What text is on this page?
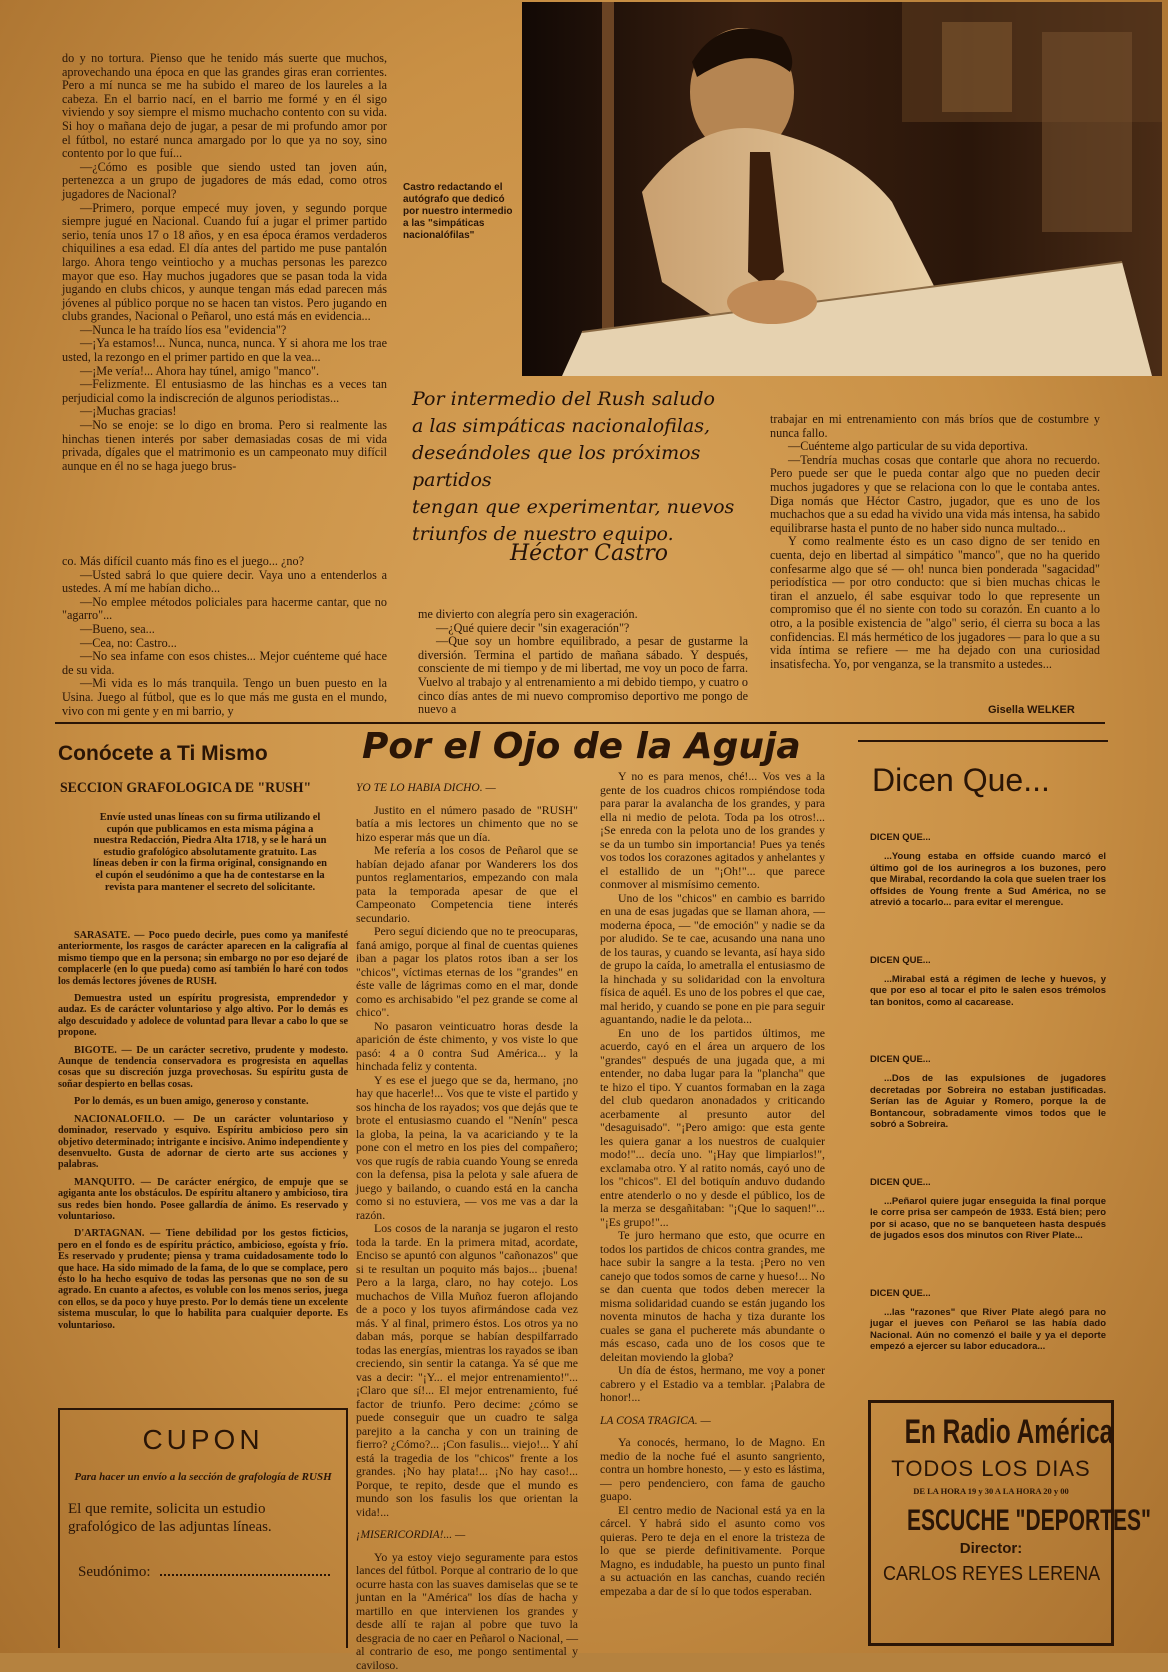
do y no tortura. Pienso que he tenido más suerte que muchos, aprovechando una época en que las grandes giras eran corrientes. Pero a mí nunca se me ha subido el mareo de los laureles a la cabeza. En el barrio nací, en el barrio me formé y en él sigo viviendo y soy siempre el mismo muchacho contento con su vida. Si hoy o mañana dejo de jugar, a pesar de mi profundo amor por el fútbol, no estaré nunca amargado por lo que ya no soy, sino contento por lo que fuí...

—¿Cómo es posible que siendo usted tan joven aún, pertenezca a un grupo de jugadores de más edad, como otros jugadores de Nacional?

—Primero, porque empecé muy joven, y segundo porque siempre jugué en Nacional. Cuando fuí a jugar el primer partido serio, tenía unos 17 o 18 años, y en esa época éramos verdaderos chiquilines a esa edad. El día antes del partido me puse pantalón largo. Ahora tengo veintiocho y a muchas personas les parezco mayor que eso. Hay muchos jugadores que se pasan toda la vida jugando en clubs chicos, y aunque tengan más edad parecen más jóvenes al público porque no se hacen tan vistos. Pero jugando en clubs grandes, Nacional o Peñarol, uno está más en evidencia...

—Nunca le ha traído líos esa "evidencia"?

—¡Ya estamos!... Nunca, nunca, nunca. Y si ahora me los trae usted, la rezongo en el primer partido en que la vea...

—¡Me vería!... Ahora hay túnel, amigo "manco".

—Felizmente. El entusiasmo de las hinchas es a veces tan perjudicial como la indiscreción de algunos periodistas...

—¡Muchas gracias!

—No se enoje: se lo digo en broma. Pero si realmente las hinchas tienen interés por saber demasiadas cosas de mi vida privada, dígales que el matrimonio es un campeonato muy difícil aunque en él no se haga juego brus-

Castro redactando el autógrafo que dedicó por nuestro intermedio a las "simpáticas nacionalófilas"
Por intermedio del Rush saludo
a las simpáticas nacionalofilas,
deseándoles que los próximos partidos
tengan que experimentar, nuevos
triunfos de nuestro equipo.
Héctor Castro

co. Más difícil cuanto más fino es el juego... ¿no?

—Usted sabrá lo que quiere decir. Vaya uno a entenderlos a ustedes. A mí me habían dicho...

—No emplee métodos policiales para hacerme cantar, que no "agarro"...

—Bueno, sea...

—Cea, no: Castro...

—No sea infame con esos chistes... Mejor cuénteme qué hace de su vida.

—Mi vida es lo más tranquila. Tengo un buen puesto en la Usina. Juego al fútbol, que es lo que más me gusta en el mundo, vivo con mi gente y en mi barrio, y

me divierto con alegría pero sin exageración.

—¿Qué quiere decir "sin exageración"?

—Que soy un hombre equilibrado, a pesar de gustarme la diversión. Termina el partido de mañana sábado. Y después, consciente de mi tiempo y de mi libertad, me voy un poco de farra. Vuelvo al trabajo y al entrenamiento a mi debido tiempo, y cuatro o cinco días antes de mi nuevo compromiso deportivo me pongo de nuevo a

trabajar en mi entrenamiento con más bríos que de costumbre y nunca fallo.

—Cuénteme algo particular de su vida deportiva.

—Tendría muchas cosas que contarle que ahora no recuerdo. Pero puede ser que le pueda contar algo que no pueden decir muchos jugadores y que se relaciona con lo que le contaba antes. Diga nomás que Héctor Castro, jugador, que es uno de los muchachos que a su edad ha vivido una vida más intensa, ha sabido equilibrarse hasta el punto de no haber sido nunca multado...

Y como realmente ésto es un caso digno de ser tenido en cuenta, dejo en libertad al simpático "manco", que no ha querido confesarme algo que sé — oh! nunca bien ponderada "sagacidad" periodística — por otro conducto: que si bien muchas chicas le tiran el anzuelo, él sabe esquivar todo lo que represente un compromiso que él no siente con todo su corazón. En cuanto a lo otro, a la posible existencia de "algo" serio, él cierra su boca a las confidencias. El más hermético de los jugadores — para lo que a su vida íntima se refiere — me ha dejado con una curiosidad insatisfecha. Yo, por venganza, se la transmito a ustedes...

Gisella WELKER
Conócete a Ti Mismo
SECCION GRAFOLOGICA DE "RUSH"
Envíe usted unas líneas con su firma utilizando el cupón que publicamos en esta misma página a nuestra Redacción, Piedra Alta 1718, y se le hará un estudio grafológico absolutamente gratuito. Las líneas deben ir con la firma original, consignando en el cupón el seudónimo a que ha de contestarse en la revista para mantener el secreto del solicitante.

SARASATE. — Poco puedo decirle, pues como ya manifesté anteriormente, los rasgos de carácter aparecen en la caligrafía al mismo tiempo que en la persona; sin embargo no por eso dejaré de complacerle (en lo que pueda) como así también lo haré con todos los demás lectores jóvenes de RUSH.

Demuestra usted un espíritu progresista, emprendedor y audaz. Es de carácter voluntarioso y algo altivo. Por lo demás es algo descuidado y adolece de voluntad para llevar a cabo lo que se propone.

BIGOTE. — De un carácter secretivo, prudente y modesto. Aunque de tendencia conservadora es progresista en aquellas cosas que su discreción juzga provechosas. Su espíritu gusta de soñar despierto en bellas cosas.

Por lo demás, es un buen amigo, generoso y constante.

NACIONALOFILO. — De un carácter voluntarioso y dominador, reservado y esquivo. Espíritu ambicioso pero sin objetivo determinado; intrigante e incisivo. Animo independiente y desenvuelto. Gusta de adornar de cierto arte sus acciones y palabras.

MANQUITO. — De carácter enérgico, de empuje que se agiganta ante los obstáculos. De espíritu altanero y ambicioso, tira sus redes bien hondo. Posee gallardía de ánimo. Es reservado y voluntarioso.

D'ARTAGNAN. — Tiene debilidad por los gestos ficticios, pero en el fondo es de espíritu práctico, ambicioso, egoísta y frío. Es reservado y prudente; piensa y trama cuidadosamente todo lo que hace. Ha sido mimado de la fama, de lo que se complace, pero ésto lo ha hecho esquivo de todas las personas que no son de su agrado. En cuanto a afectos, es voluble con los menos serios, juega con ellos, se da poco y huye presto. Por lo demás tiene un excelente sistema muscular, lo que lo habilita para cualquier deporte. Es voluntarioso.

CUPON
Para hacer un envío a la sección de grafología de RUSH
El que remite, solicita un estudio grafológico de las adjuntas líneas.
Seudónimo:
Por el Ojo de la Aguja
YO TE LO HABIA DICHO. —

Justito en el número pasado de "RUSH" batía a mis lectores un chimento que no se hizo esperar más que un día.

Me refería a los cosos de Peñarol que se habían dejado afanar por Wanderers los dos puntos reglamentarios, empezando con mala pata la temporada apesar de que el Campeonato Competencia tiene interés secundario.

Pero seguí diciendo que no te preocuparas, faná amigo, porque al final de cuentas quienes iban a pagar los platos rotos iban a ser los "chicos", víctimas eternas de los "grandes" en éste valle de lágrimas como en el mar, donde como es archisabido "el pez grande se come al chico".

No pasaron veinticuatro horas desde la aparición de éste chimento, y vos viste lo que pasó: 4 a 0 contra Sud América... y la hinchada feliz y contenta.

Y es ese el juego que se da, hermano, ¡no hay que hacerle!... Vos que te viste el partido y sos hincha de los rayados; vos que dejás que te brote el entusiasmo cuando el "Nenín" pesca la globa, la peina, la va acariciando y te la pone con el metro en los pies del compañero; vos que rugís de rabia cuando Young se enreda con la defensa, pisa la pelota y sale afuera de juego y bailando, o cuando está en la cancha como si no estuviera, — vos me vas a dar la razón.

Los cosos de la naranja se jugaron el resto toda la tarde. En la primera mitad, acordate, Enciso se apuntó con algunos "cañonazos" que si te resultan un poquito más bajos... ¡buena! Pero a la larga, claro, no hay cotejo. Los muchachos de Villa Muñoz fueron aflojando de a poco y los tuyos afirmándose cada vez más. Y al final, primero éstos. Los otros ya no daban más, porque se habían despilfarrado todas las energías, mientras los rayados se iban creciendo, sin sentir la catanga. Ya sé que me vas a decir: "¡Y... el mejor entrenamiento!"... ¡Claro que sí!... El mejor entrenamiento, fué factor de triunfo. Pero decime: ¿cómo se puede conseguir que un cuadro te salga parejito a la cancha y con un training de fierro? ¿Cómo?... ¡Con fasulis... viejo!... Y ahí está la tragedia de los "chicos" frente a los grandes. ¡No hay plata!... ¡No hay caso!... Porque, te repito, desde que el mundo es mundo son los fasulis los que orientan la vida!...

¡MISERICORDIA!... —

Yo ya estoy viejo seguramente para estos lances del fútbol. Porque al contrario de lo que ocurre hasta con las suaves damiselas que se te juntan en la "América" los días de hacha y martillo en que intervienen los grandes y desde allí te rajan al pobre que tuvo la desgracia de no caer en Peñarol o Nacional, — al contrario de eso, me pongo sentimental y caviloso.

Y no es para menos, ché!... Vos ves a la gente de los cuadros chicos rompiéndose toda para parar la avalancha de los grandes, y para ella ni medio de pelota. Toda pa los otros!... ¡Se enreda con la pelota uno de los grandes y se da un tumbo sin importancia! Pues ya tenés vos todos los corazones agitados y anhelantes y el estallido de un "¡Oh!"... que parece conmover al mismísimo cemento.

Uno de los "chicos" en cambio es barrido en una de esas jugadas que se llaman ahora, — moderna época, — "de emoción" y nadie se da por aludido. Se te cae, acusando una nana uno de los tauras, y cuando se levanta, así haya sido de grupo la caída, lo ametralla el entusiasmo de la hinchada y su solidaridad con la envoltura física de aquél. Es uno de los pobres el que cae, mal herido, y cuando se pone en pie para seguir aguantando, nadie le da pelota...

En uno de los partidos últimos, me acuerdo, cayó en el área un arquero de los "grandes" después de una jugada que, a mi entender, no daba lugar para la "plancha" que te hizo el tipo. Y cuantos formaban en la zaga del club quedaron anonadados y criticando acerbamente al presunto autor del "desaguisado". "¡Pero amigo: que esta gente les quiera ganar a los nuestros de cualquier modo!"... decía uno. "¡Hay que limpiarlos!", exclamaba otro. Y al ratito nomás, cayó uno de los "chicos". El del botiquín anduvo dudando entre atenderlo o no y desde el público, los de la merza se desgañitaban: "¡Que lo saquen!"... "¡Es grupo!"...

Te juro hermano que esto, que ocurre en todos los partidos de chicos contra grandes, me hace subir la sangre a la testa. ¡Pero no ven canejo que todos somos de carne y hueso!... No se dan cuenta que todos deben merecer la misma solidaridad cuando se están jugando los noventa minutos de hacha y tiza durante los cuales se gana el pucherete más abundante o más escaso, cada uno de los cosos que te deleitan moviendo la globa?

Un día de éstos, hermano, me voy a poner cabrero y el Estadio va a temblar. ¡Palabra de honor!...

LA COSA TRAGICA. —

Ya conocés, hermano, lo de Magno. En medio de la noche fué el asunto sangriento, contra un hombre honesto, — y esto es lástima, — pero pendenciero, con fama de gaucho guapo.

El centro medio de Nacional está ya en la cárcel. Y habrá sido el asunto como vos quieras. Pero te deja en el enore la tristeza de lo que se pierde definitivamente. Porque Magno, es indudable, ha puesto un punto final a su actuación en las canchas, cuando recién empezaba a dar de sí lo que todos esperaban.

Dicen Que...
DICEN QUE...
...Young estaba en offside cuando marcó el último gol de los aurinegros a los buzones, pero que Mirabal, recordando la cola que suelen traer los offsides de Young frente a Sud América, no se atrevió a tocarlo... para evitar el merengue.
DICEN QUE...
...Mirabal está a régimen de leche y huevos, y que por eso al tocar el pito le salen esos trémolos tan bonitos, como al cacarease.
DICEN QUE...
...Dos de las expulsiones de jugadores decretadas por Sobreira no estaban justificadas. Serían las de Aguiar y Romero, porque la de Bontancour, sobradamente vimos todos que le sobró a Sobreira.
DICEN QUE...
...Peñarol quiere jugar enseguida la final porque le corre prisa ser campeón de 1933. Está bien; pero por si acaso, que no se banqueteen hasta después de jugados esos dos minutos con River Plate...
DICEN QUE...
...las "razones" que River Plate alegó para no jugar el jueves con Peñarol se las había dado Nacional. Aún no comenzó el baile y ya el deporte empezó a ejercer su labor educadora...
En Radio América
TODOS LOS DIAS
DE LA HORA 19 y 30 A LA HORA 20 y 00
ESCUCHE "DEPORTES"
Director:
CARLOS REYES LERENA
